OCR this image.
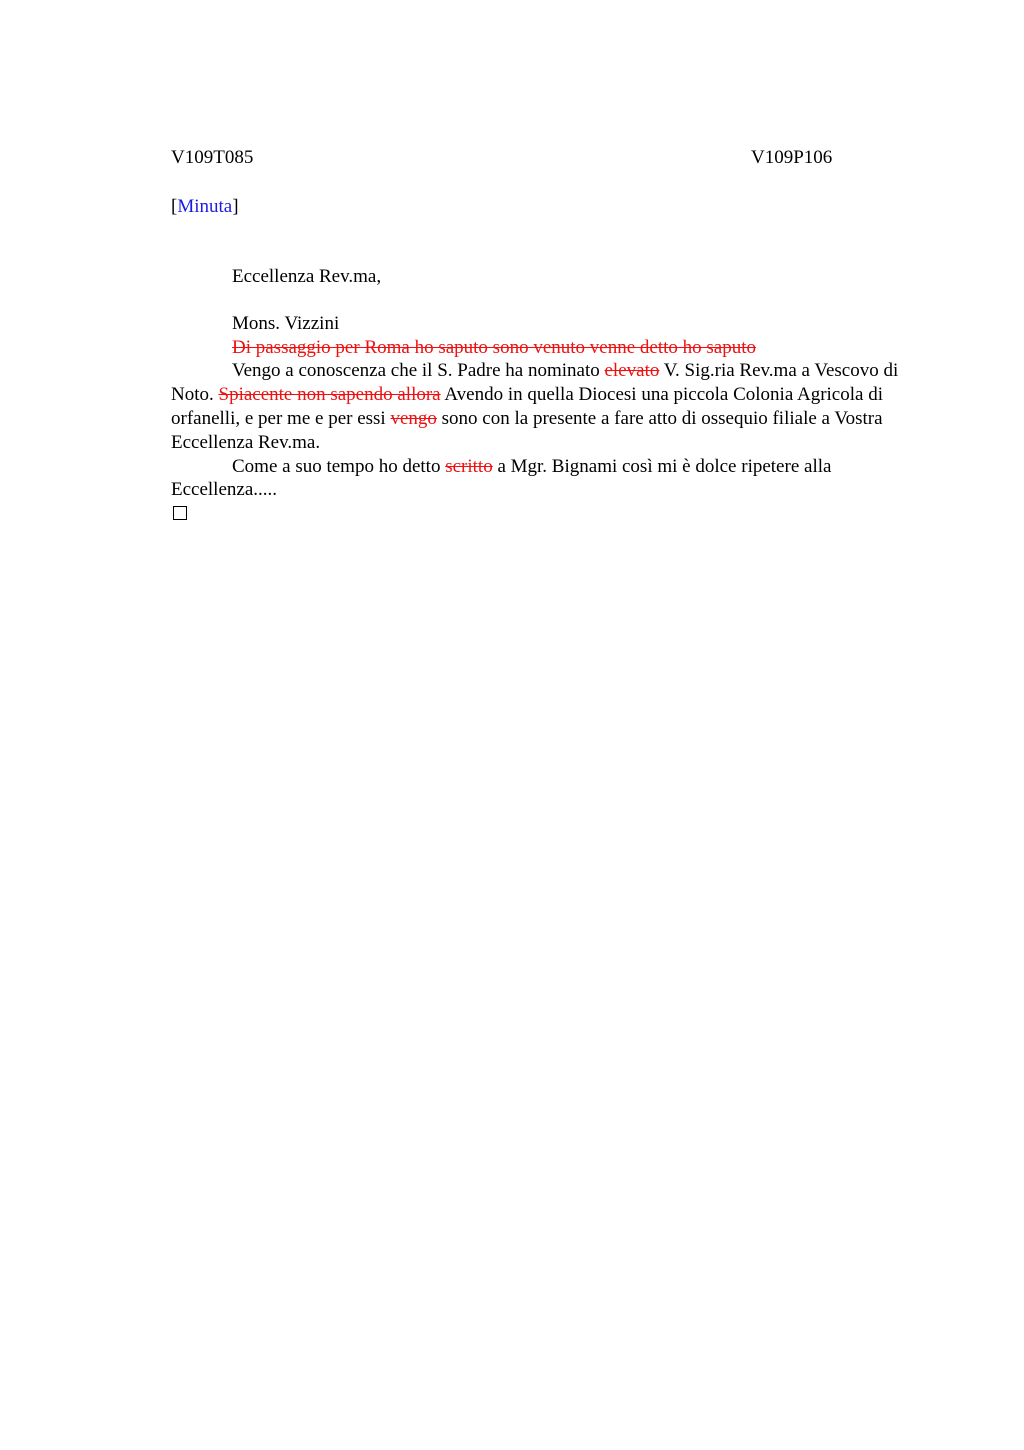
V109T085	V109P106
[Minuta]

Eccellenza Rev.ma,

Mons. Vizzini

Di passaggio per Roma ho saputo sono venuto venne detto ho saputo

Vengo a conoscenza che il S. Padre ha nominato elevato V. Sig.ria Rev.ma a Vescovo di Noto. Spiacente non sapendo allora Avendo in quella Diocesi una piccola Colonia Agricola di orfanelli, e per me e per essi vengo sono con la presente a fare atto di ossequio filiale a Vostra Eccellenza Rev.ma.

Come a suo tempo ho detto scritto a Mgr. Bignami così mi è dolce ripetere alla Eccellenza.....
